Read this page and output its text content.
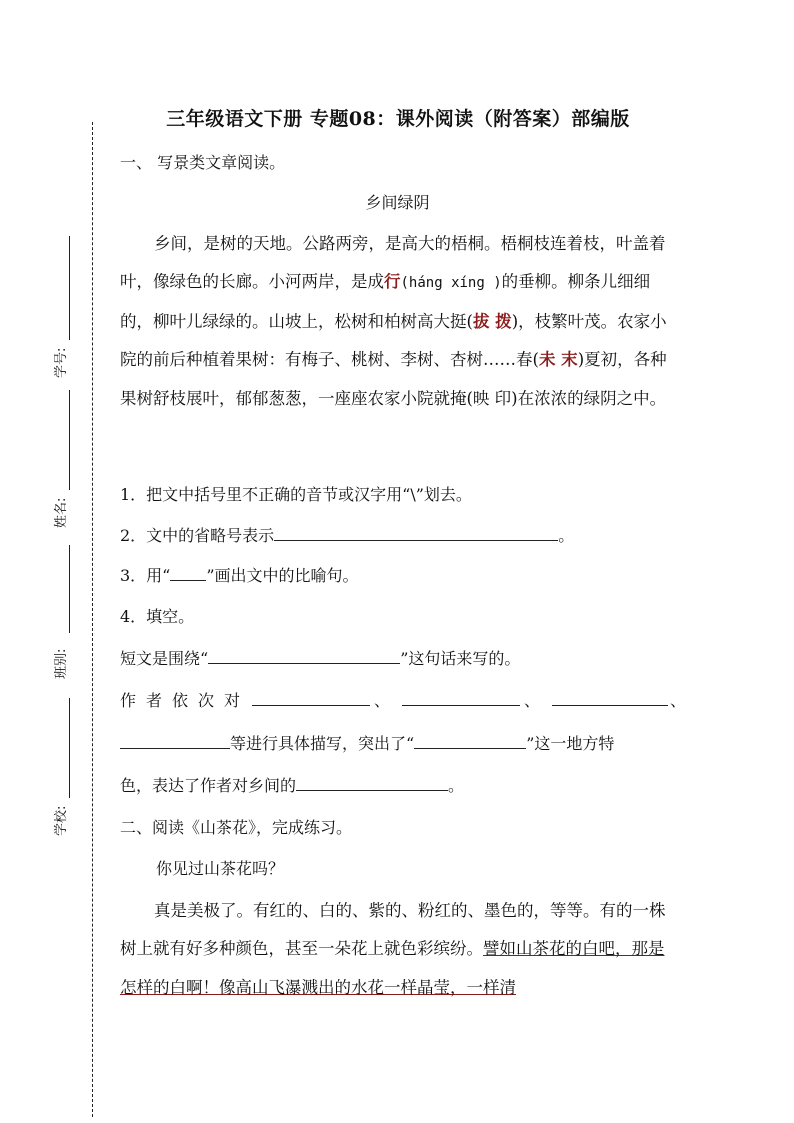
学号:
姓名:
班别:
学校:
三年级语文下册 专题08：课外阅读（附答案）部编版
一、 写景类文章阅读。
乡间绿阴

乡间，是树的天地。公路两旁，是高大的梧桐。梧桐枝连着枝，叶盖着叶，像绿色的长廊。小河两岸，是成行(háng xíng )的垂柳。柳条儿细细的，柳叶儿绿绿的。山坡上，松树和柏树高大挺(拔 拨)，枝繁叶茂。农家小院的前后种植着果树：有梅子、桃树、李树、杏树……春(未 末)夏初，各种果树舒枝展叶，郁郁葱葱，一座座农家小院就掩(映 印)在浓浓的绿阴之中。

1．把文中括号里不正确的音节或汉字用“\”划去。
2．文中的省略号表示	。
3．用“ ”画出文中的比喻句。
4．填空。
短文是围绕“	”这句话来写的。
作者依次对	、	、	、
等进行具体描写，突出了“	”这一地方特
色，表达了作者对乡间的	。
二、阅读《山茶花》，完成练习。
你见过山茶花吗？

真是美极了。有红的、白的、紫的、粉红的、墨色的，等等。有的一株树上就有好多种颜色，甚至一朵花上就色彩缤纷。譬如山茶花的白吧，那是怎样的白啊！像高山飞瀑溅出的水花一样晶莹，一样清
